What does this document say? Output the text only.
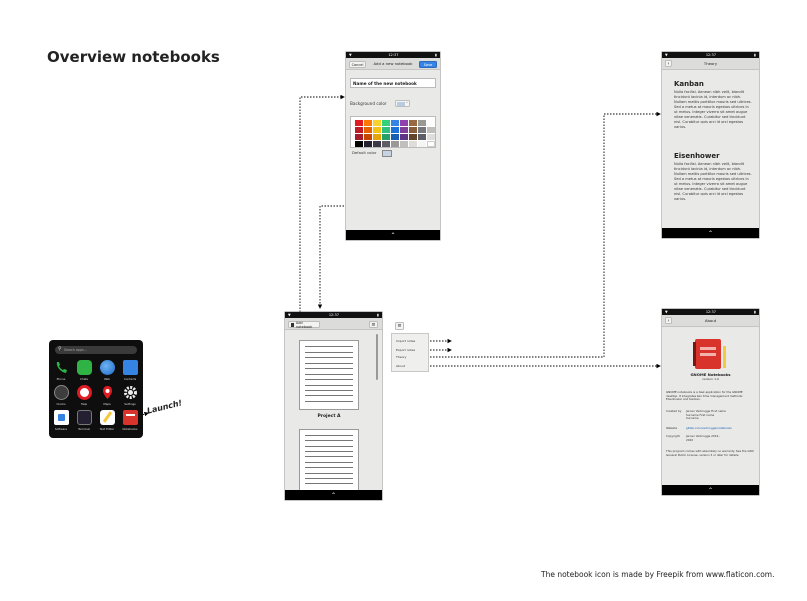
Overview notebooks
The notebook icon is made by Freepik from www.flaticon.com.
Launch!
⚲ Search apps...
Phone	Chats	Web	Contacts
Clocks	Help	Maps	Settings
Software	Terminal	Text Editor	Notebooks
▼	12:37	▮
Add notebook	≡
Project A
⌃
≡
Import notes
Export notes
Theory
About
▼	12:37	▮
Add a new notebook
Cancel	Save
Name of the new notebook
Background color	˅
Default color
⌃
▼	12:37	▮
Theory
‹
Kanban
Nulla facilisi. Aenean nibh velit, blandit tincidunt lacinia id, interdum ac nibh. Nullam mattis porttitor mauris sed ultrices. Sed a metus at mauris egestas ultrices in ut metus. Integer viverra sit amet augue vitae venenatis. Curabitur sed tincidunt nisl. Curabitur quis orci id orci egestas varius.
Eisenhower
Nulla facilisi. Aenean nibh velit, blandit tincidunt lacinia id, interdum ac nibh. Nullam mattis porttitor mauris sed ultrices. Sed a metus at mauris egestas ultrices in ut metus. Integer viverra sit amet augue vitae venenatis. Curabitur sed tincidunt nisl. Curabitur quis orci id orci egestas varius.
⌃
▼	12:37	▮
About
‹
GNOME Notebooks
version 1.0
GNOME notebooks is a task application for the GNOME desktop. It integrates two time management methods: Eisenhower and Kanban.
Created by Jeroen Verbrugge First name Surname First name Surname
Website	gitlab.com/verbrugge/notebooks
Copyright Jeroen Verbrugge 2019 - 2020
This program comes with absolutely no warranty. See the GNU General Public License, version 3 or later for details.
⌃
